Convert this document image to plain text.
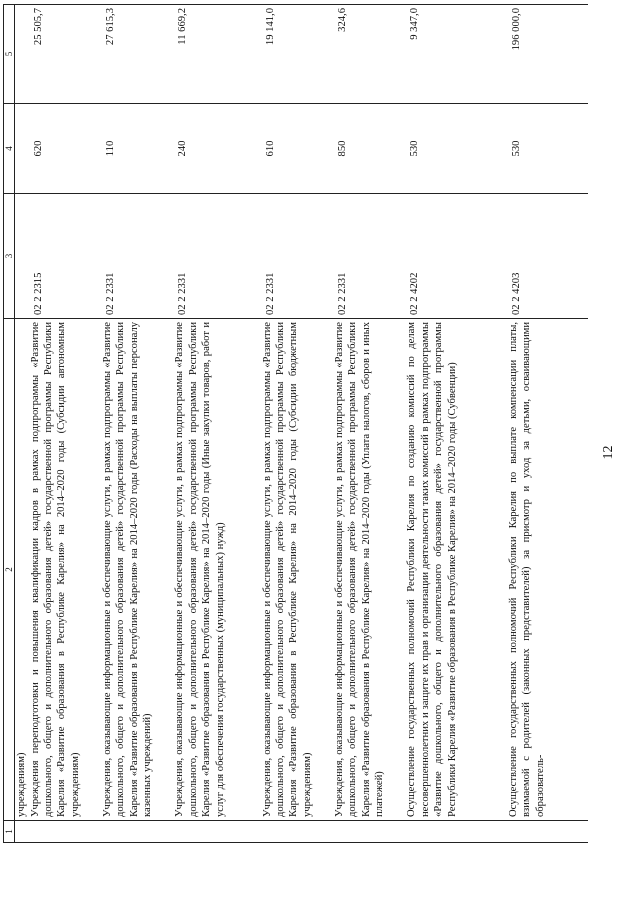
1	2	3	4	5
	учреждениям)			
	Учреждения переподготовки и повышения квалификации кадров в рамках подпрограммы «Развитие дошкольного, общего и дополнительного образования детей» государственной программы Республики Карелия «Развитие образования в Республике Карелия» на 2014–2020 годы (Субсидии автономным учреждениям)	02 2 2315	620	25 505,7
	Учреждения, оказывающие информационные и обеспечивающие услуги, в рамках подпрограммы «Развитие дошкольного, общего и дополнительного образования детей» государственной программы Республики Карелия «Развитие образования в Республике Карелия» на 2014–2020 годы (Расходы на выплаты персоналу казенных учреждений)	02 2 2331	110	27 615,3
	Учреждения, оказывающие информационные и обеспечивающие услуги, в рамках подпрограммы «Развитие дошкольного, общего и дополнительного образования детей» государственной программы Республики Карелия «Развитие образования в Республике Карелия» на 2014–2020 годы (Иные закупки товаров, работ и услуг для обеспечения государственных (муниципальных) нужд)	02 2 2331	240	11 669,2
	Учреждения, оказывающие информационные и обеспечивающие услуги, в рамках подпрограммы «Развитие дошкольного, общего и дополнительного образования детей» государственной программы Республики Карелия «Развитие образования в Республике Карелия» на 2014–2020 годы (Субсидии бюджетным учреждениям)	02 2 2331	610	19 141,0
	Учреждения, оказывающие информационные и обеспечивающие услуги, в рамках подпрограммы «Развитие дошкольного, общего и дополнительного образования детей» государственной программы Республики Карелия «Развитие образования в Республике Карелия» на 2014–2020 годы (Уплата налогов, сборов и иных платежей)	02 2 2331	850	324,6
	Осуществление государственных полномочий Республики Карелия по созданию комиссий по делам несовершеннолетних и защите их прав и организации деятельности таких комиссий в рамках подпрограммы «Развитие дошкольного, общего и дополнительного образования детей» государственной программы Республики Карелия «Развитие образования в Республике Карелия» на 2014–2020 годы (Субвенции)	02 2 4202	530	9 347,0
	Осуществление государственных полномочий Республики Карелия по выплате компенсации платы, взимаемой с родителей (законных представителей) за присмотр и уход за детьми, осваивающими образователь-	02 2 4203	530	196 000,0
12
